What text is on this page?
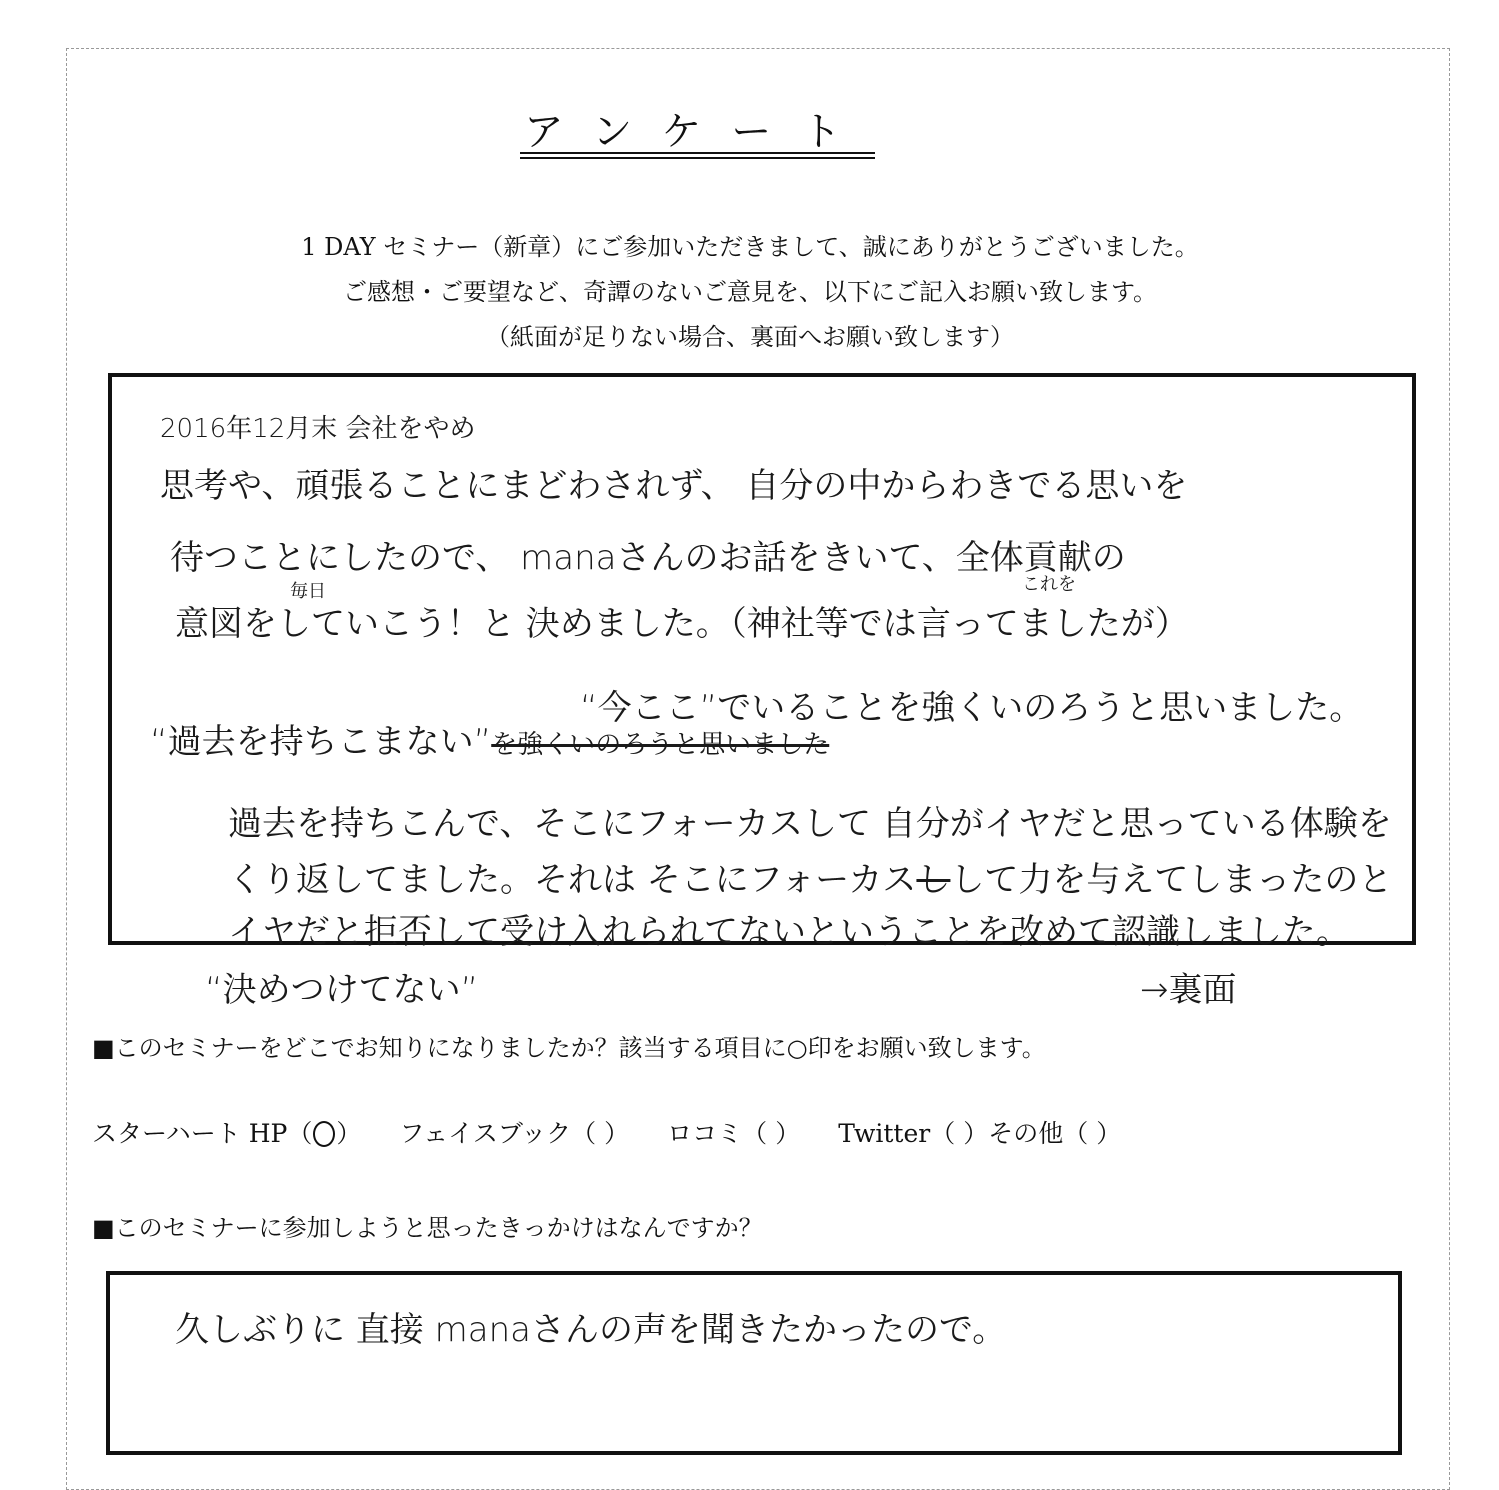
アンケート
1 DAY セミナー（新章）にご参加いただきまして、誠にありがとうございました。
ご感想・ご要望など、奇譚のないご意見を、以下にご記入お願い致します。
（紙面が足りない場合、裏面へお願い致します）
2016年12月末 会社をやめ
思考や、頑張ることにまどわされず、 自分の中からわきでる思いを
待つことにしたので、 manaさんのお話をきいて、全体貢献の
毎日
意図をしていこう！と 決めました。（神社等では言ってましたが）
これを
“今ここ”でいることを強くいのろうと思いました。
“過去を持ちこまない”を強くいのろうと思いました
過去を持ちこんで、そこにフォーカスして 自分がイヤだと思っている体験を
くり返してました。それは そこにフォーカスしして力を与えてしまったのと
イヤだと拒否して受け入れられてないということを改めて認識しました。
“決めつけてない”	→裏面
■このセミナーをどこでお知りになりましたか？該当する項目に○印をお願い致します。
スターハート HP（ ） フェイスブック（ ） ロコミ（ ） Twitter（ ） その他（ ）
■このセミナーに参加しようと思ったきっかけはなんですか？
久しぶりに 直接 manaさんの声を聞きたかったので。
